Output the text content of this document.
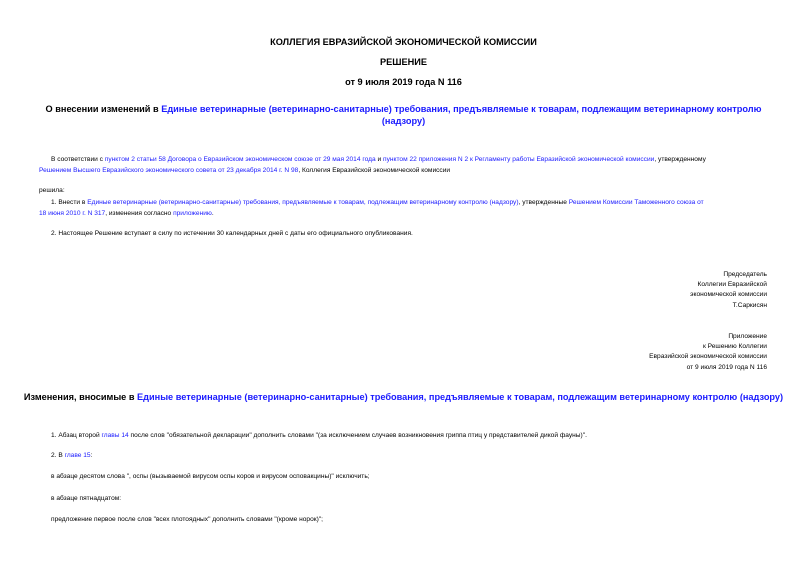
КОЛЛЕГИЯ ЕВРАЗИЙСКОЙ ЭКОНОМИЧЕСКОЙ КОМИССИИ
РЕШЕНИЕ
от 9 июля 2019 года N 116
О внесении изменений в Единые ветеринарные (ветеринарно-санитарные) требования, предъявляемые к товарам, подлежащим ветеринарному контролю
(надзору)
В соответствии с пунктом 2 статьи 58 Договора о Евразийском экономическом союзе от 29 мая 2014 года и пунктом 22 приложения N 2 к Регламенту работы Евразийской экономической комиссии, утвержденному
Решением Высшего Евразийского экономического совета от 23 декабря 2014 г. N 98, Коллегия Евразийской экономической комиссии
решила:
1. Внести в Единые ветеринарные (ветеринарно-санитарные) требования, предъявляемые к товарам, подлежащим ветеринарному контролю (надзору), утвержденные Решением Комиссии Таможенного союза от
18 июня 2010 г. N 317, изменения согласно приложению.
2. Настоящее Решение вступает в силу по истечении 30 календарных дней с даты его официального опубликования.
Председатель
Коллегии Евразийской
экономической комиссии
Т.Саркисян
Приложение
к Решению Коллегии
Евразийской экономической комиссии
от 9 июля 2019 года N 116
Изменения, вносимые в Единые ветеринарные (ветеринарно-санитарные) требования, предъявляемые к товарам, подлежащим ветеринарному контролю (надзору)
1. Абзац второй главы 14 после слов "обязательной декларации" дополнить словами "(за исключением случаев возникновения гриппа птиц у представителей дикой фауны)".
2. В главе 15:
в абзаце десятом слова ", оспы (вызываемой вирусом оспы коров и вирусом осповакцины)" исключить;
в абзаце пятнадцатом:
предложение первое после слов "всех плотоядных" дополнить словами "(кроме норок)";
